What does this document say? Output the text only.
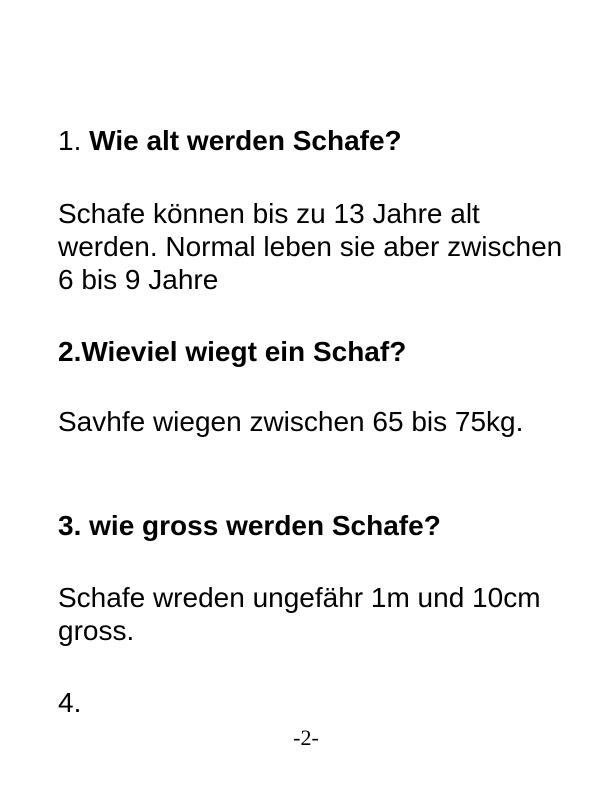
1. Wie alt werden Schafe?

Schafe können bis zu 13 Jahre alt werden. Normal leben sie aber zwischen 6 bis 9 Jahre

2.Wieviel wiegt ein Schaf?

Savhfe wiegen zwischen 65 bis 75kg.

3. wie gross werden Schafe?

Schafe wreden ungefähr 1m und 10cm gross.

4.

-2-
